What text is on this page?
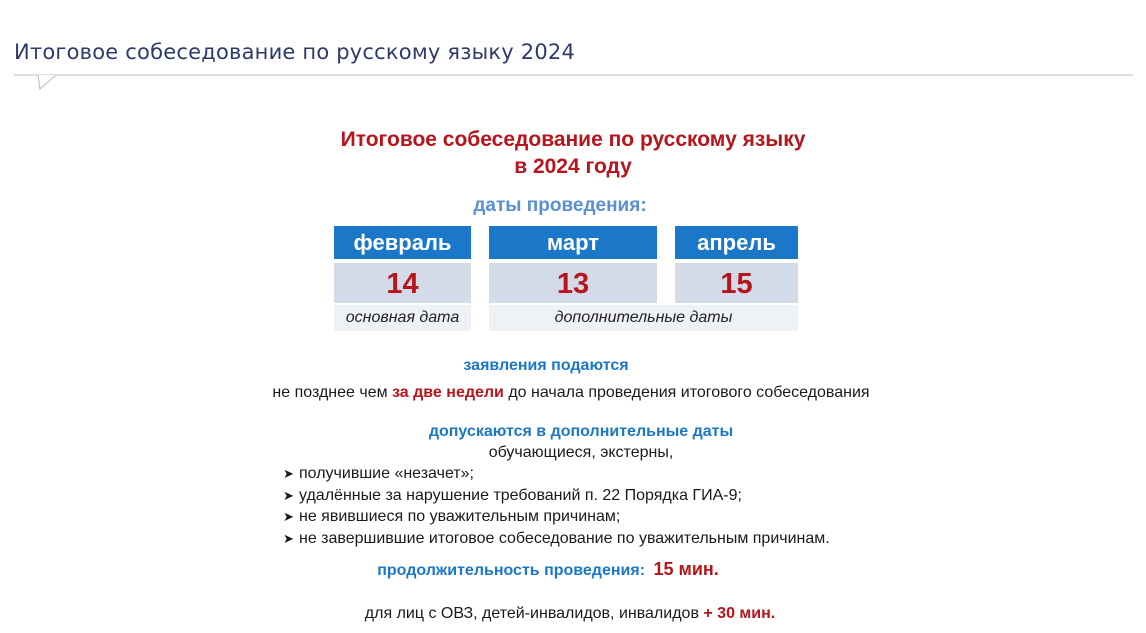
Итоговое собеседование по русскому языку 2024
Итоговое собеседование по русскому языку
в 2024 году
даты проведения:
февраль	март	апрель
14	13	15
основная дата	дополнительные даты
заявления подаются
не позднее чем за две недели до начала проведения итогового собеседования
допускаются в дополнительные даты
обучающиеся, экстерны,
➤ получившие «незачет»;
➤ удалённые за нарушение требований п. 22 Порядка ГИА-9;
➤ не явившиеся по уважительным причинам;
➤ не завершившие итоговое собеседование по уважительным причинам.
продолжительность проведения: 15 мин.
для лиц с ОВЗ, детей-инвалидов, инвалидов + 30 мин.
